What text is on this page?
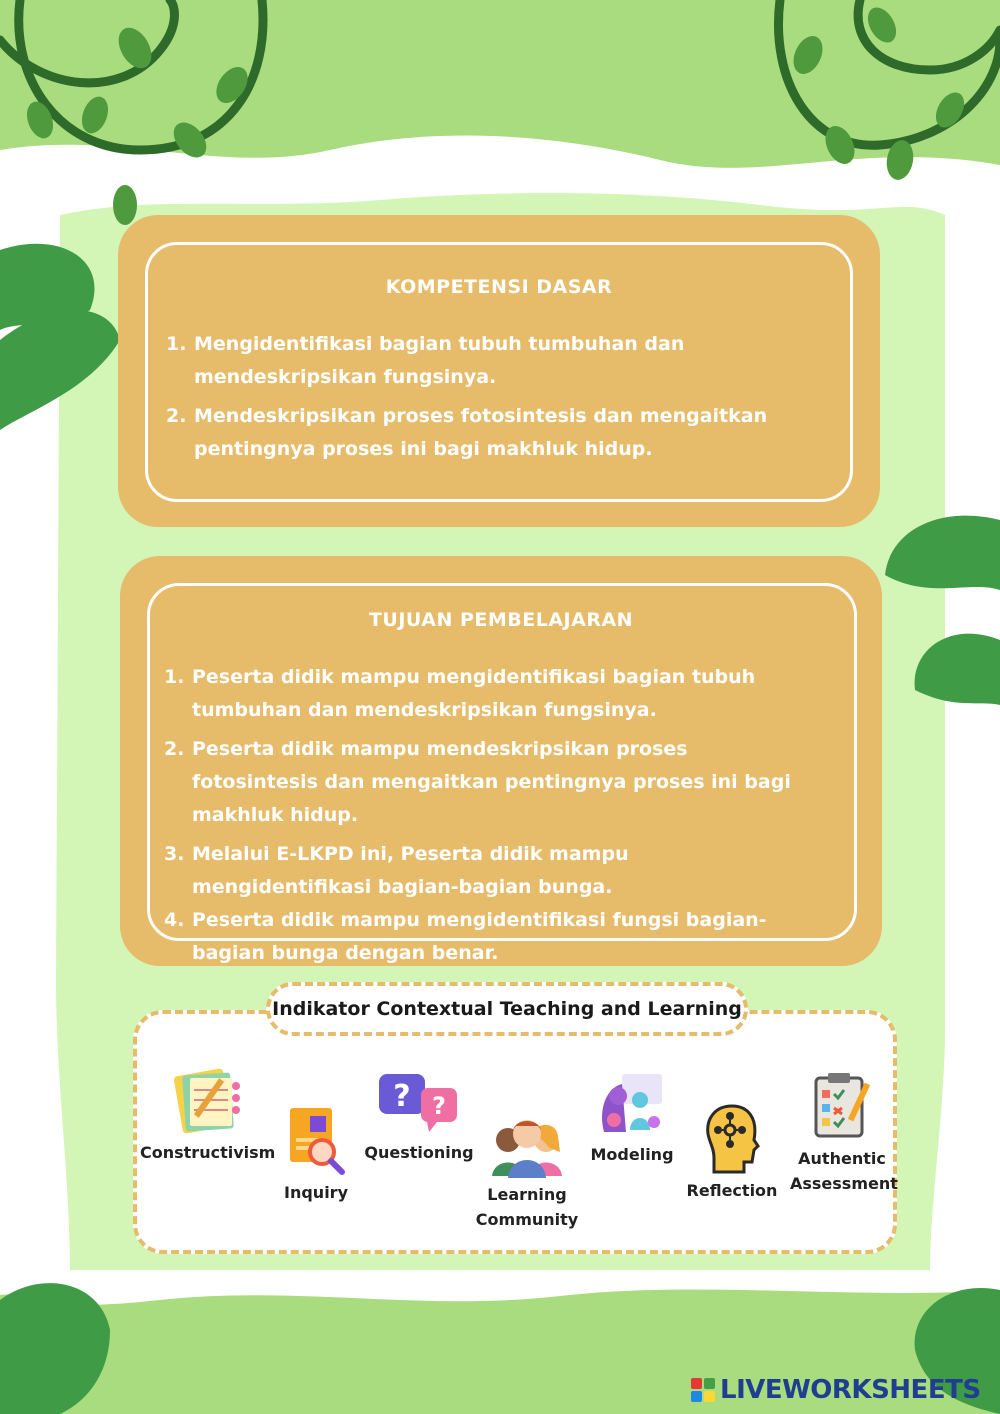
KOMPETENSI DASAR
1. Mengidentifikasi bagian tubuh tumbuhan dan mendeskripsikan fungsinya.
2. Mendeskripsikan proses fotosintesis dan mengaitkan pentingnya proses ini bagi makhluk hidup.
TUJUAN PEMBELAJARAN
1. Peserta didik mampu mengidentifikasi bagian tubuh tumbuhan dan mendeskripsikan fungsinya.
2. Peserta didik mampu mendeskripsikan proses fotosintesis dan mengaitkan pentingnya proses ini bagi makhluk hidup.
3. Melalui E-LKPD ini, Peserta didik mampu mengidentifikasi bagian-bagian bunga.
4. Peserta didik mampu mengidentifikasi fungsi bagian-bagian bunga dengan benar.
Indikator Contextual Teaching and Learning
Constructivism
Inquiry
? ?
Questioning
Learning
Community
Modeling
Reflection
Authentic
Assessment
LIVEWORKSHEETS
